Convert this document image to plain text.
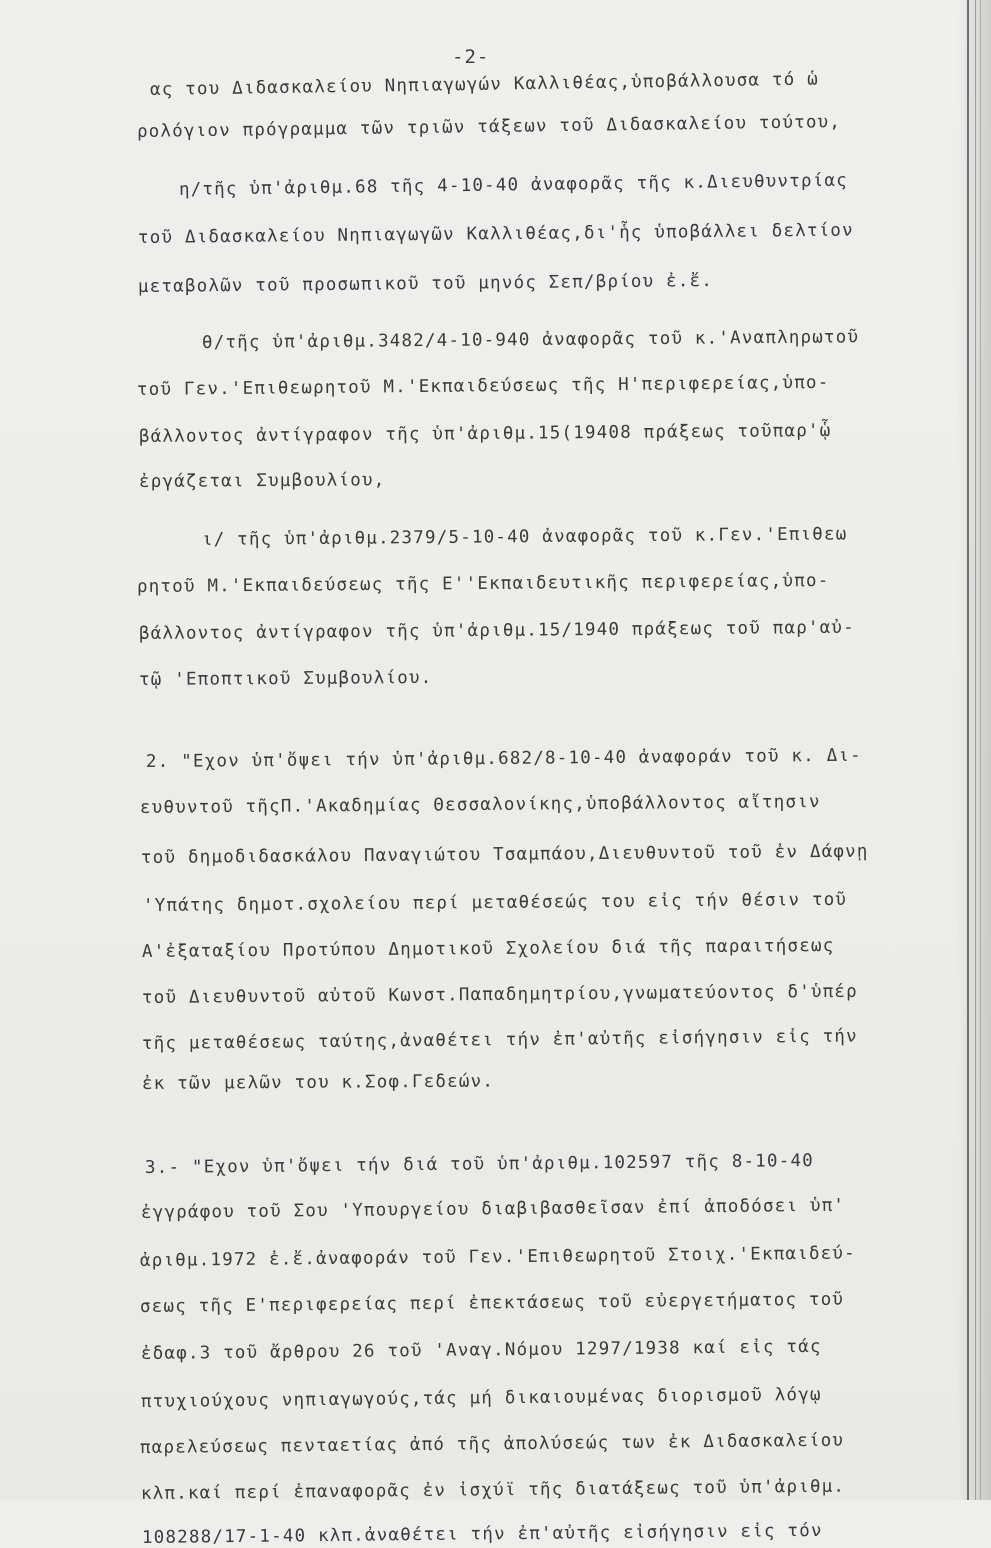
-2-
ας του Διδασκαλείου Νηπιαγωγών Καλλιθέας,ὑποβάλλουσα τό ὡ
ρολόγιον πρόγραμμα τῶν τριῶν τάξεων τοῦ Διδασκαλείου τούτου,
η/τῆς ὑπ'ἀριθμ.68 τῆς 4-10-40 ἀναφορᾶς τῆς κ.Διευθυντρίας
τοῦ Διδασκαλείου Νηπιαγωγῶν Καλλιθέας,δι'ἧς ὑποβάλλει δελτίον
μεταβολῶν τοῦ προσωπικοῦ τοῦ μηνός Σεπ/βρίου ἐ.ἔ.
θ/τῆς ὑπ'ἀριθμ.3482/4-10-940 ἀναφορᾶς τοῦ κ.'Αναπληρωτοῦ
τοῦ Γεν.'Επιθεωρητοῦ Μ.'Εκπαιδεύσεως τῆς Η'περιφερείας,ὑπο-
βάλλοντος ἀντίγραφον τῆς ὑπ'ἀριθμ.15(19408 πράξεως τοῦπαρ'ᾧ
ἐργάζεται Συμβουλίου,
ι/ τῆς ὑπ'ἀριθμ.2379/5-10-40 ἀναφορᾶς τοῦ κ.Γεν.'Επιθεω
ρητοῦ Μ.'Εκπαιδεύσεως τῆς Ε''Εκπαιδευτικῆς περιφερείας,ὑπο-
βάλλοντος ἀντίγραφον τῆς ὑπ'ἀριθμ.15/1940 πράξεως τοῦ παρ'αὐ-
τῷ 'Εποπτικοῦ Συμβουλίου.
2. "Εχον ὑπ'ὄψει τήν ὑπ'ἀριθμ.682/8-10-40 ἀναφοράν τοῦ κ. Δι-
ευθυντοῦ τῆςΠ.'Ακαδημίας Θεσσαλονίκης,ὑποβάλλοντος αἴτησιν
τοῦ δημοδιδασκάλου Παναγιώτου Τσαμπάου,Διευθυντοῦ τοῦ ἐν Δάφνῃ
'Υπάτης δημοτ.σχολείου περί μεταθέσεώς του εἰς τήν θέσιν τοῦ
Α'ἐξαταξίου Προτύπου Δημοτικοῦ Σχολείου διά τῆς παραιτήσεως
τοῦ Διευθυντοῦ αὐτοῦ Κωνστ.Παπαδημητρίου,γνωματεύοντος δ'ὑπέρ
τῆς μεταθέσεως ταύτης,ἀναθέτει τήν ἐπ'αὐτῆς εἰσήγησιν εἰς τήν
ἐκ τῶν μελῶν του κ.Σοφ.Γεδεών.
3.- "Εχον ὑπ'ὄψει τήν διά τοῦ ὑπ'ἀριθμ.102597 τῆς 8-10-40
ἐγγράφου τοῦ Σου 'Υπουργείου διαβιβασθεῖσαν ἐπί ἀποδόσει ὑπ'
ἀριθμ.1972 ἐ.ἔ.ἀναφοράν τοῦ Γεν.'Επιθεωρητοῦ Στοιχ.'Εκπαιδεύ-
σεως τῆς Ε'περιφερείας περί ἐπεκτάσεως τοῦ εὐεργετήματος τοῦ
ἐδαφ.3 τοῦ ἄρθρου 26 τοῦ 'Αναγ.Νόμου 1297/1938 καί εἰς τάς
πτυχιούχους νηπιαγωγούς,τάς μή δικαιουμένας διορισμοῦ λόγῳ
παρελεύσεως πενταετίας ἀπό τῆς ἀπολύσεώς των ἐκ Διδασκαλείου
κλπ.καί περί ἐπαναφορᾶς ἐν ἰσχύϊ τῆς διατάξεως τοῦ ὑπ'ἀριθμ.
108288/17-1-40 κλπ.ἀναθέτει τήν ἐπ'αὐτῆς εἰσήγησιν εἰς τόν
